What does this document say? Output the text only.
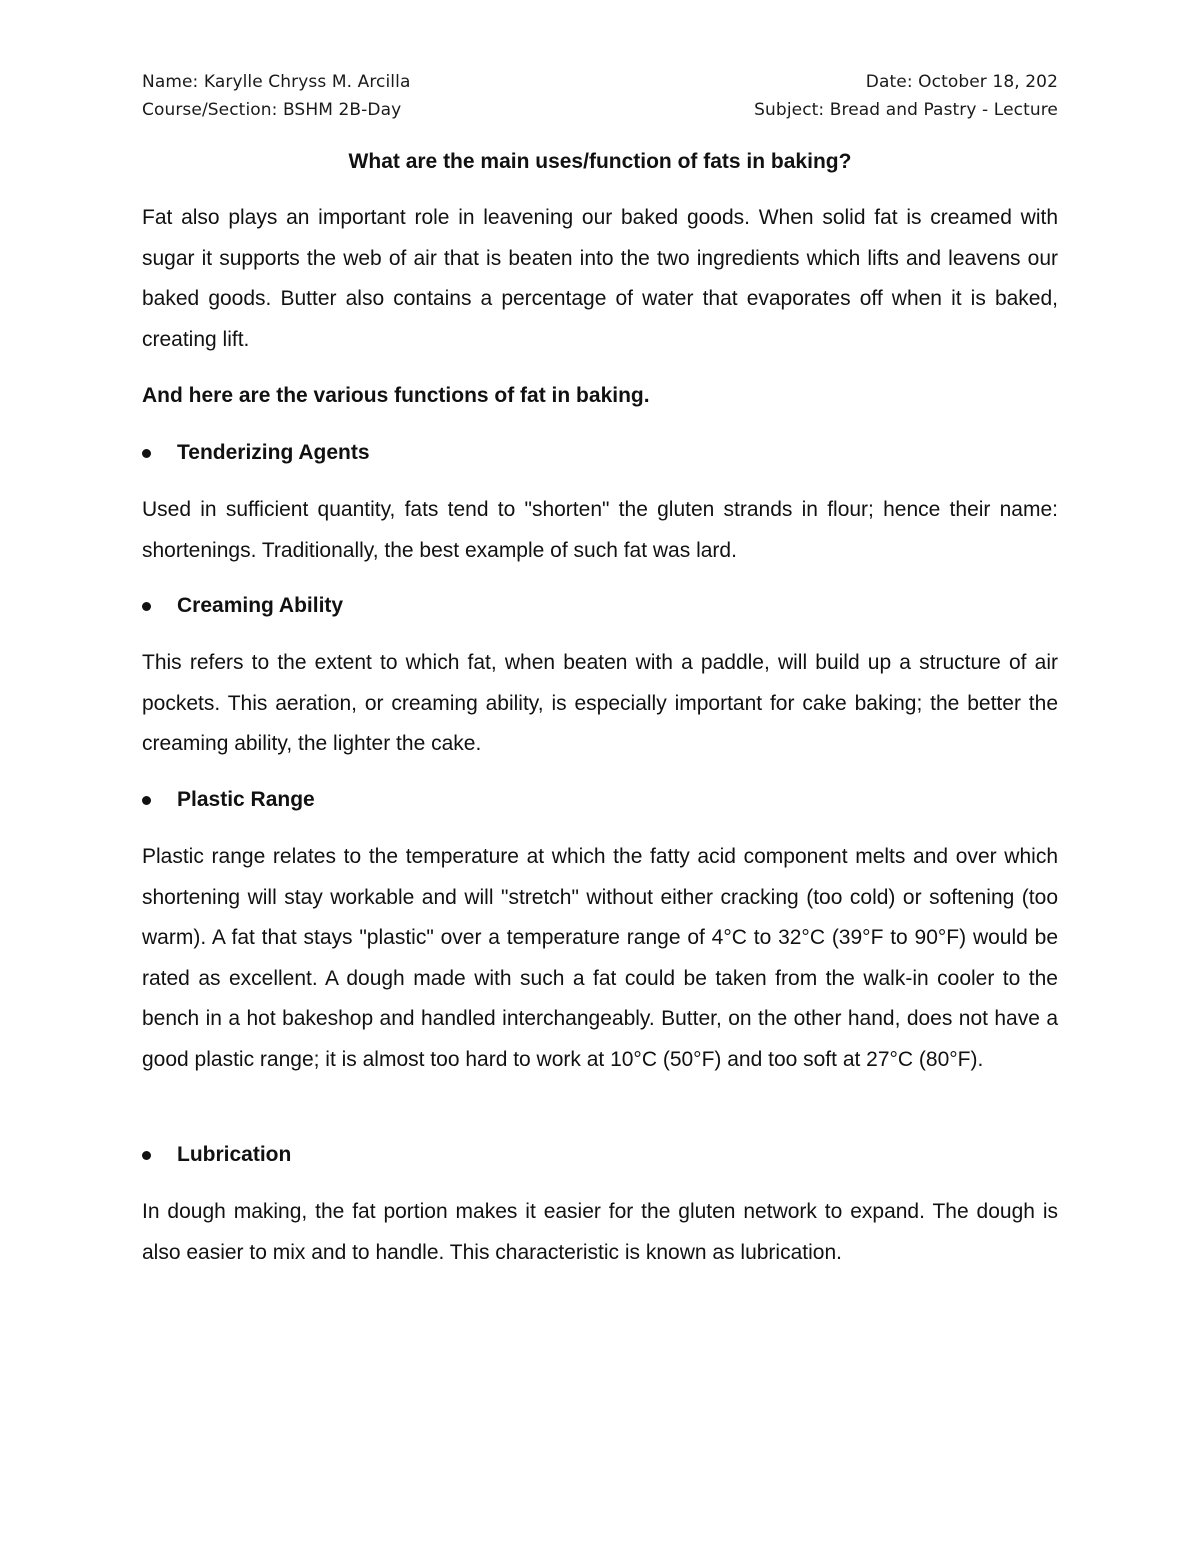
Name: Karylle Chryss M. Arcilla	Date: October 18, 202
Course/Section: BSHM 2B-Day	Subject: Bread and Pastry - Lecture
What are the main uses/function of fats in baking?

Fat also plays an important role in leavening our baked goods. When solid fat is creamed with sugar it supports the web of air that is beaten into the two ingredients which lifts and leavens our baked goods. Butter also contains a percentage of water that evaporates off when it is baked, creating lift.

And here are the various functions of fat in baking.
Tenderizing Agents

Used in sufficient quantity, fats tend to "shorten" the gluten strands in flour; hence their name: shortenings. Traditionally, the best example of such fat was lard.

Creaming Ability

This refers to the extent to which fat, when beaten with a paddle, will build up a structure of air pockets. This aeration, or creaming ability, is especially important for cake baking; the better the creaming ability, the lighter the cake.

Plastic Range

Plastic range relates to the temperature at which the fatty acid component melts and over which shortening will stay workable and will "stretch" without either cracking (too cold) or softening (too warm). A fat that stays "plastic" over a temperature range of 4°C to 32°C (39°F to 90°F) would be rated as excellent. A dough made with such a fat could be taken from the walk-in cooler to the bench in a hot bakeshop and handled interchangeably. Butter, on the other hand, does not have a good plastic range; it is almost too hard to work at 10°C (50°F) and too soft at 27°C (80°F).

Lubrication

In dough making, the fat portion makes it easier for the gluten network to expand. The dough is also easier to mix and to handle. This characteristic is known as lubrication.
